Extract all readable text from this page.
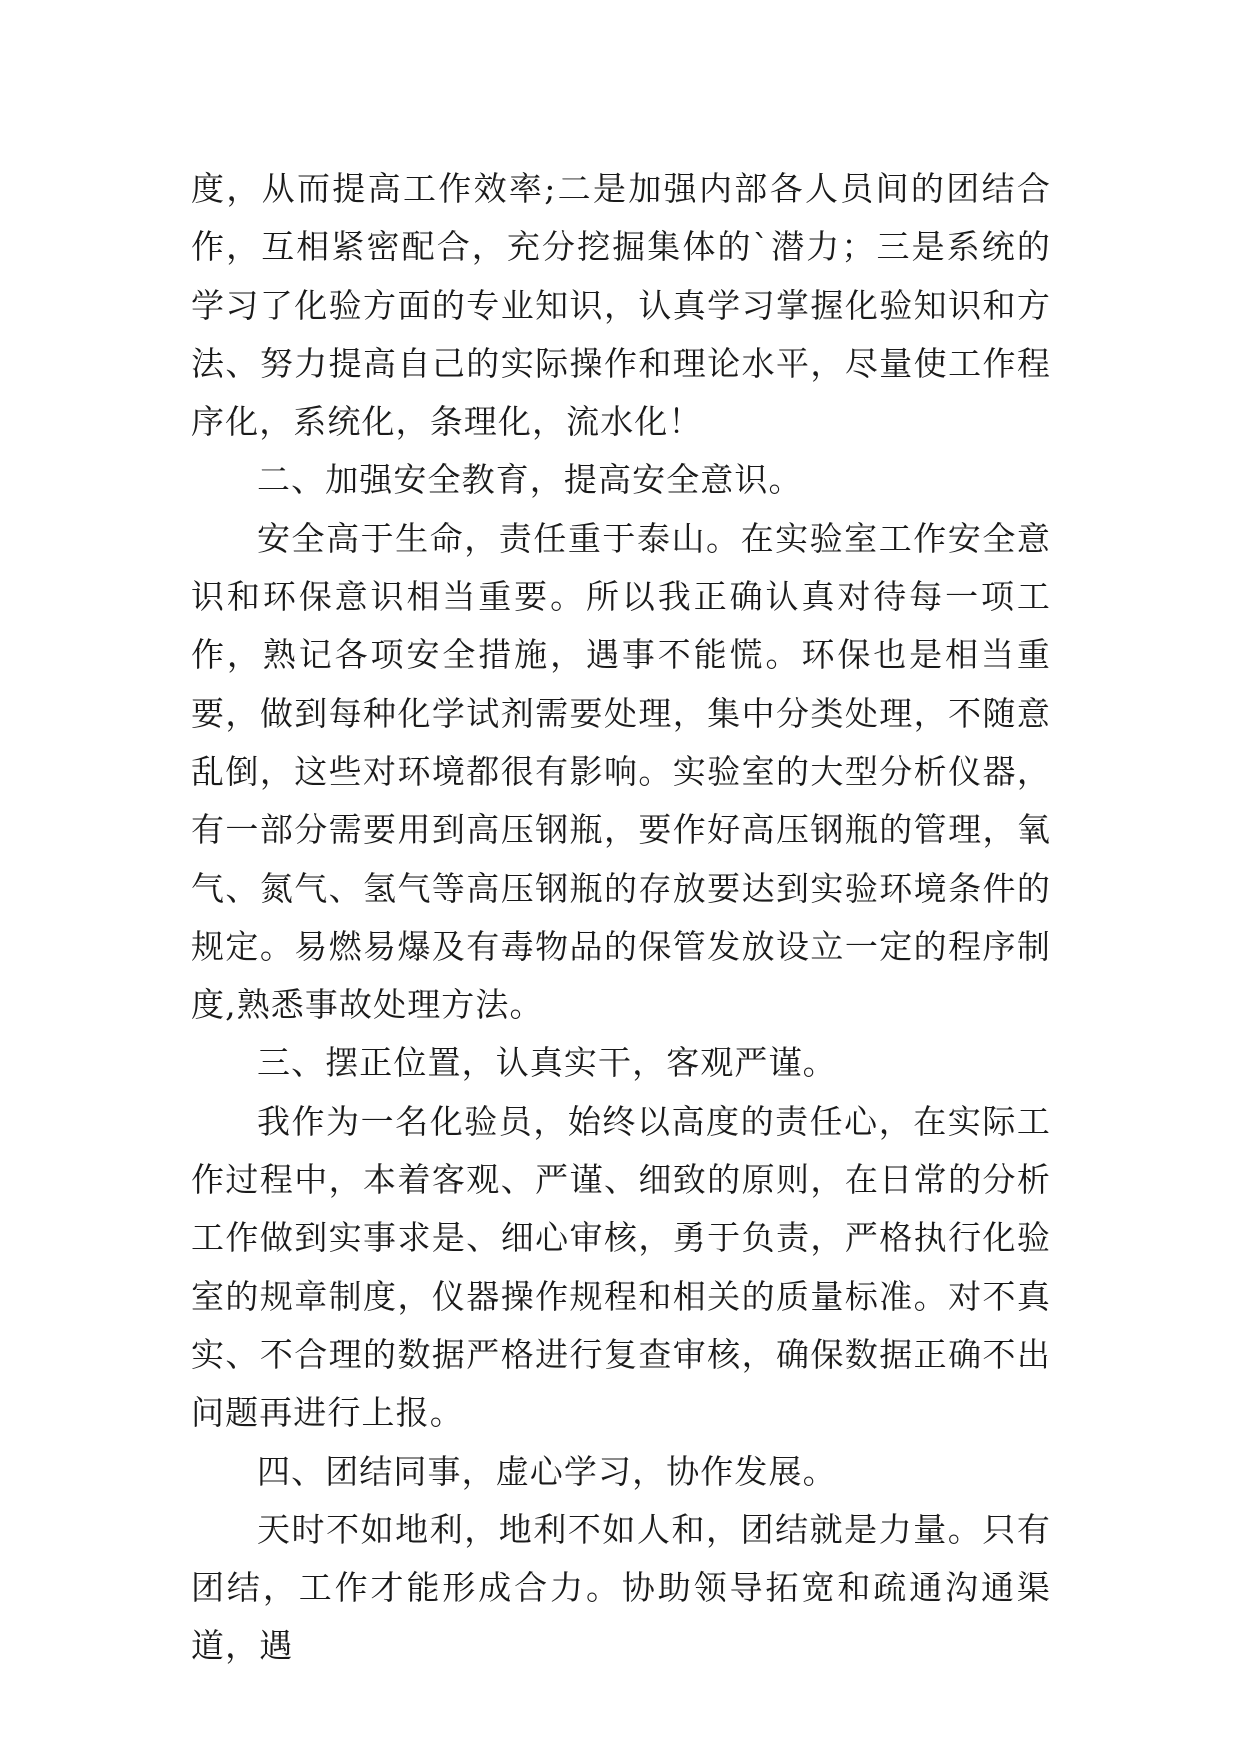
度，从而提高工作效率;二是加强内部各人员间的团结合作，互相紧密配合，充分挖掘集体的`潜力；三是系统的学习了化验方面的专业知识，认真学习掌握化验知识和方法、努力提高自己的实际操作和理论水平，尽量使工作程序化，系统化，条理化，流水化！

二、加强安全教育，提高安全意识。

安全高于生命，责任重于泰山。在实验室工作安全意识和环保意识相当重要。所以我正确认真对待每一项工作，熟记各项安全措施，遇事不能慌。环保也是相当重要，做到每种化学试剂需要处理，集中分类处理，不随意乱倒，这些对环境都很有影响。实验室的大型分析仪器，有一部分需要用到高压钢瓶，要作好高压钢瓶的管理，氧气、氮气、氢气等高压钢瓶的存放要达到实验环境条件的规定。易燃易爆及有毒物品的保管发放设立一定的程序制度,熟悉事故处理方法。

三、摆正位置，认真实干，客观严谨。

我作为一名化验员，始终以高度的责任心，在实际工作过程中，本着客观、严谨、细致的原则，在日常的分析工作做到实事求是、细心审核，勇于负责，严格执行化验室的规章制度，仪器操作规程和相关的质量标准。对不真实、不合理的数据严格进行复查审核，确保数据正确不出问题再进行上报。

四、团结同事，虚心学习，协作发展。

天时不如地利，地利不如人和，团结就是力量。只有团结，工作才能形成合力。协助领导拓宽和疏通沟通渠道，遇
